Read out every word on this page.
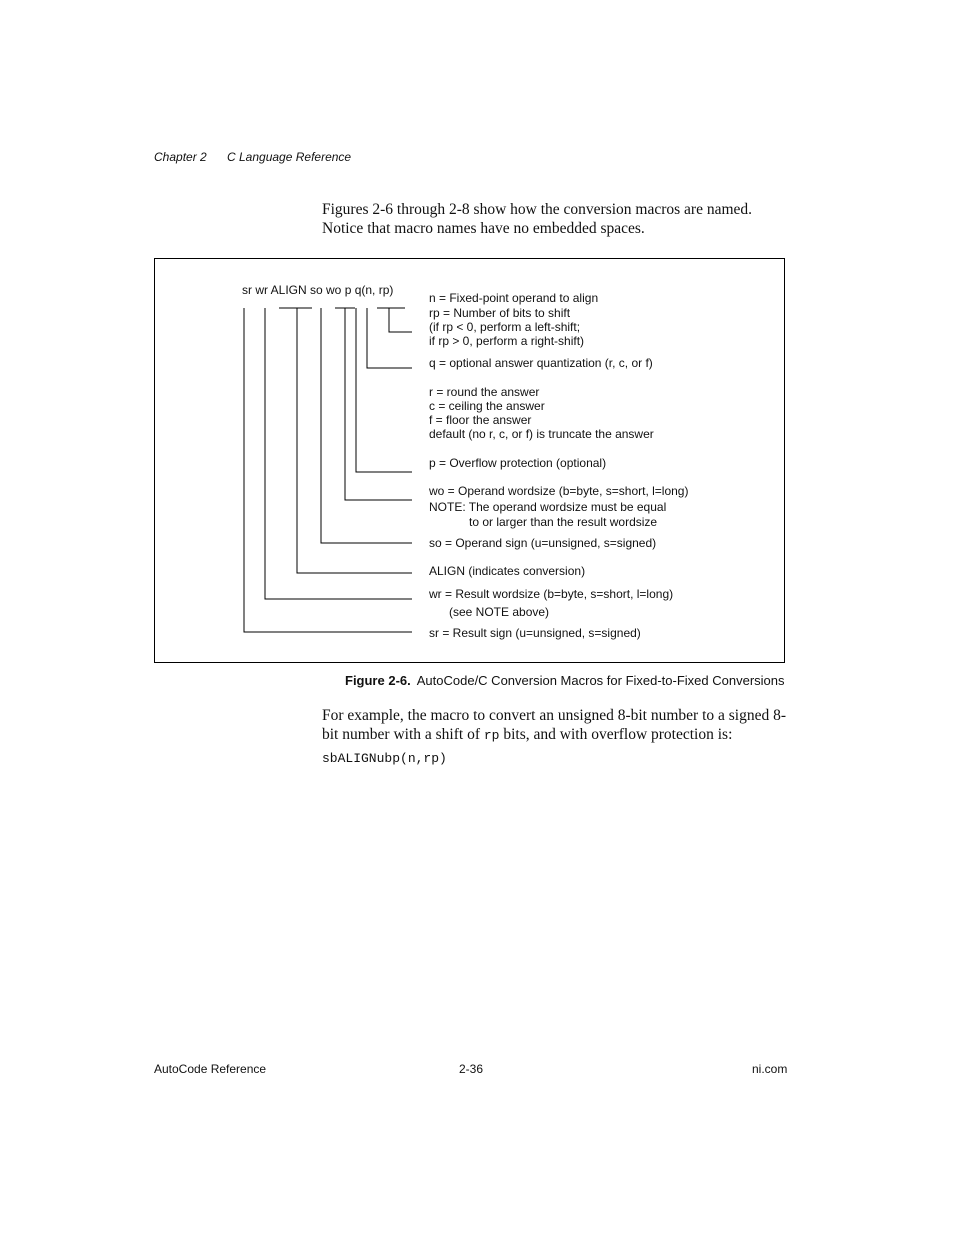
Chapter 2 C Language Reference

Figures 2-6 through 2-8 show how the conversion macros are named.
Notice that macro names have no embedded spaces.

sr wr ALIGN so wo p q(n, rp)
n = Fixed-point operand to align
rp = Number of bits to shift
(if rp < 0, perform a left-shift;
if rp > 0, perform a right-shift)
q = optional answer quantization (r, c, or f)
r = round the answer
c = ceiling the answer
f = floor the answer
default (no r, c, or f) is truncate the answer
p = Overflow protection (optional)
wo = Operand wordsize (b=byte, s=short, l=long)
NOTE: The operand wordsize must be equal
to or larger than the result wordsize
so = Operand sign (u=unsigned, s=signed)
ALIGN (indicates conversion)
wr = Result wordsize (b=byte, s=short, l=long)
(see NOTE above)
sr = Result sign (u=unsigned, s=signed)
Figure 2-6. AutoCode/C Conversion Macros for Fixed-to-Fixed Conversions

For example, the macro to convert an unsigned 8-bit number to a signed 8-bit number with a shift of rp bits, and with overflow protection is:

sbALIGNubp(n,rp)
AutoCode Reference	2-36	ni.com
